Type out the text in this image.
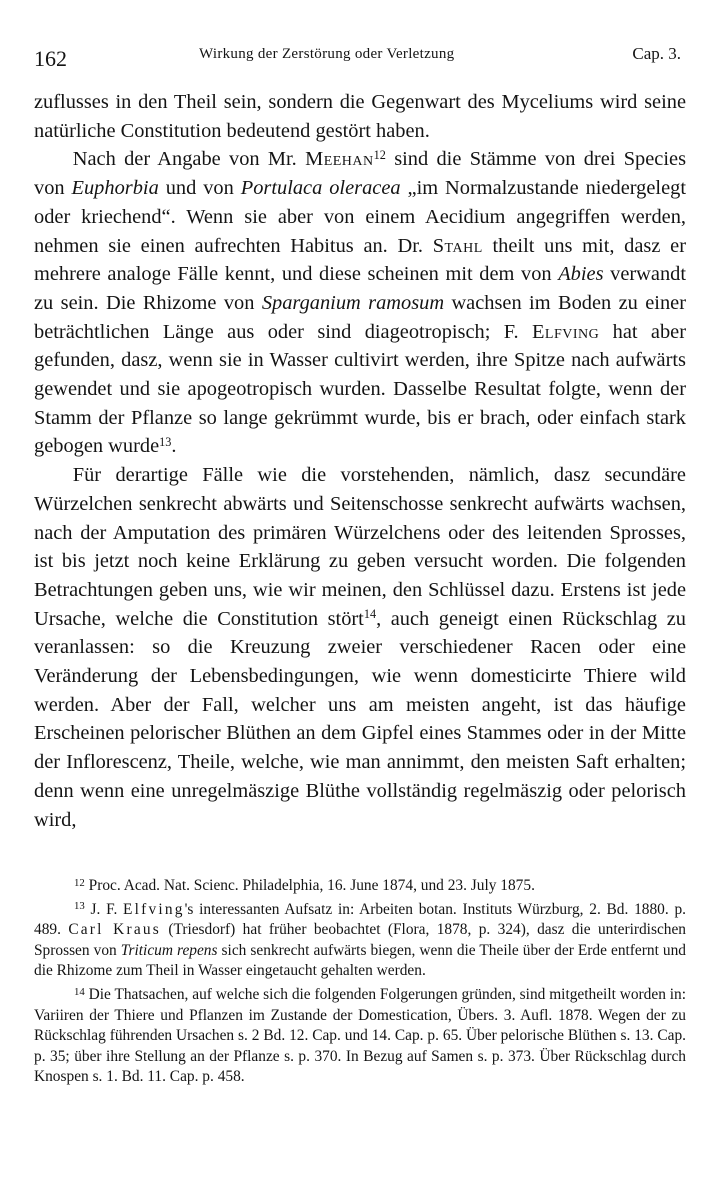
162	Wirkung der Zerstörung oder Verletzung	Cap. 3.

zuflusses in den Theil sein, sondern die Gegenwart des Myceliums wird seine natürliche Constitution bedeutend gestört haben.

Nach der Angabe von Mr. Meehan$^{12}$ sind die Stämme von drei Species von Euphorbia und von Portulaca oleracea „im Normalzustande niedergelegt oder kriechend“. Wenn sie aber von einem Aecidium angegriffen werden, nehmen sie einen aufrechten Habitus an. Dr. Stahl theilt uns mit, dasz er mehrere analoge Fälle kennt, und diese scheinen mit dem von Abies verwandt zu sein. Die Rhizome von Sparganium ramosum wachsen im Boden zu einer beträchtlichen Länge aus oder sind diageotropisch; F. Elfving hat aber gefunden, dasz, wenn sie in Wasser cultivirt werden, ihre Spitze nach aufwärts gewendet und sie apogeotropisch wurden. Dasselbe Resultat folgte, wenn der Stamm der Pflanze so lange gekrümmt wurde, bis er brach, oder einfach stark gebogen wurde$^{13}$.

Für derartige Fälle wie die vorstehenden, nämlich, dasz secundäre Würzelchen senkrecht abwärts und Seitenschosse senkrecht aufwärts wachsen, nach der Amputation des primären Würzelchens oder des leitenden Sprosses, ist bis jetzt noch keine Erklärung zu geben versucht worden. Die folgenden Betrachtungen geben uns, wie wir meinen, den Schlüssel dazu. Erstens ist jede Ursache, welche die Constitution stört$^{14}$, auch geneigt einen Rückschlag zu veranlassen: so die Kreuzung zweier verschiedener Racen oder eine Veränderung der Lebensbedingungen, wie wenn domesticirte Thiere wild werden. Aber der Fall, welcher uns am meisten angeht, ist das häufige Erscheinen pelorischer Blüthen an dem Gipfel eines Stammes oder in der Mitte der Inflorescenz, Theile, welche, wie man annimmt, den meisten Saft erhalten; denn wenn eine unregelmäszige Blüthe vollständig regelmäszig oder pelorisch wird,

$^{12}$ Proc. Acad. Nat. Scienc. Philadelphia, 16. June 1874, und 23. July 1875.

$^{13}$ J. F. Elfving's interessanten Aufsatz in: Arbeiten botan. Instituts Würzburg, 2. Bd. 1880. p. 489. Carl Kraus (Triesdorf) hat früher beobachtet (Flora, 1878, p. 324), dasz die unterirdischen Sprossen von Triticum repens sich senkrecht aufwärts biegen, wenn die Theile über der Erde entfernt und die Rhizome zum Theil in Wasser eingetaucht gehalten werden.

$^{14}$ Die Thatsachen, auf welche sich die folgenden Folgerungen gründen, sind mitgetheilt worden in: Variiren der Thiere und Pflanzen im Zustande der Domestication, Übers. 3. Aufl. 1878. Wegen der zu Rückschlag führenden Ursachen s. 2 Bd. 12. Cap. und 14. Cap. p. 65. Über pelorische Blüthen s. 13. Cap. p. 35; über ihre Stellung an der Pflanze s. p. 370. In Bezug auf Samen s. p. 373. Über Rückschlag durch Knospen s. 1. Bd. 11. Cap. p. 458.
